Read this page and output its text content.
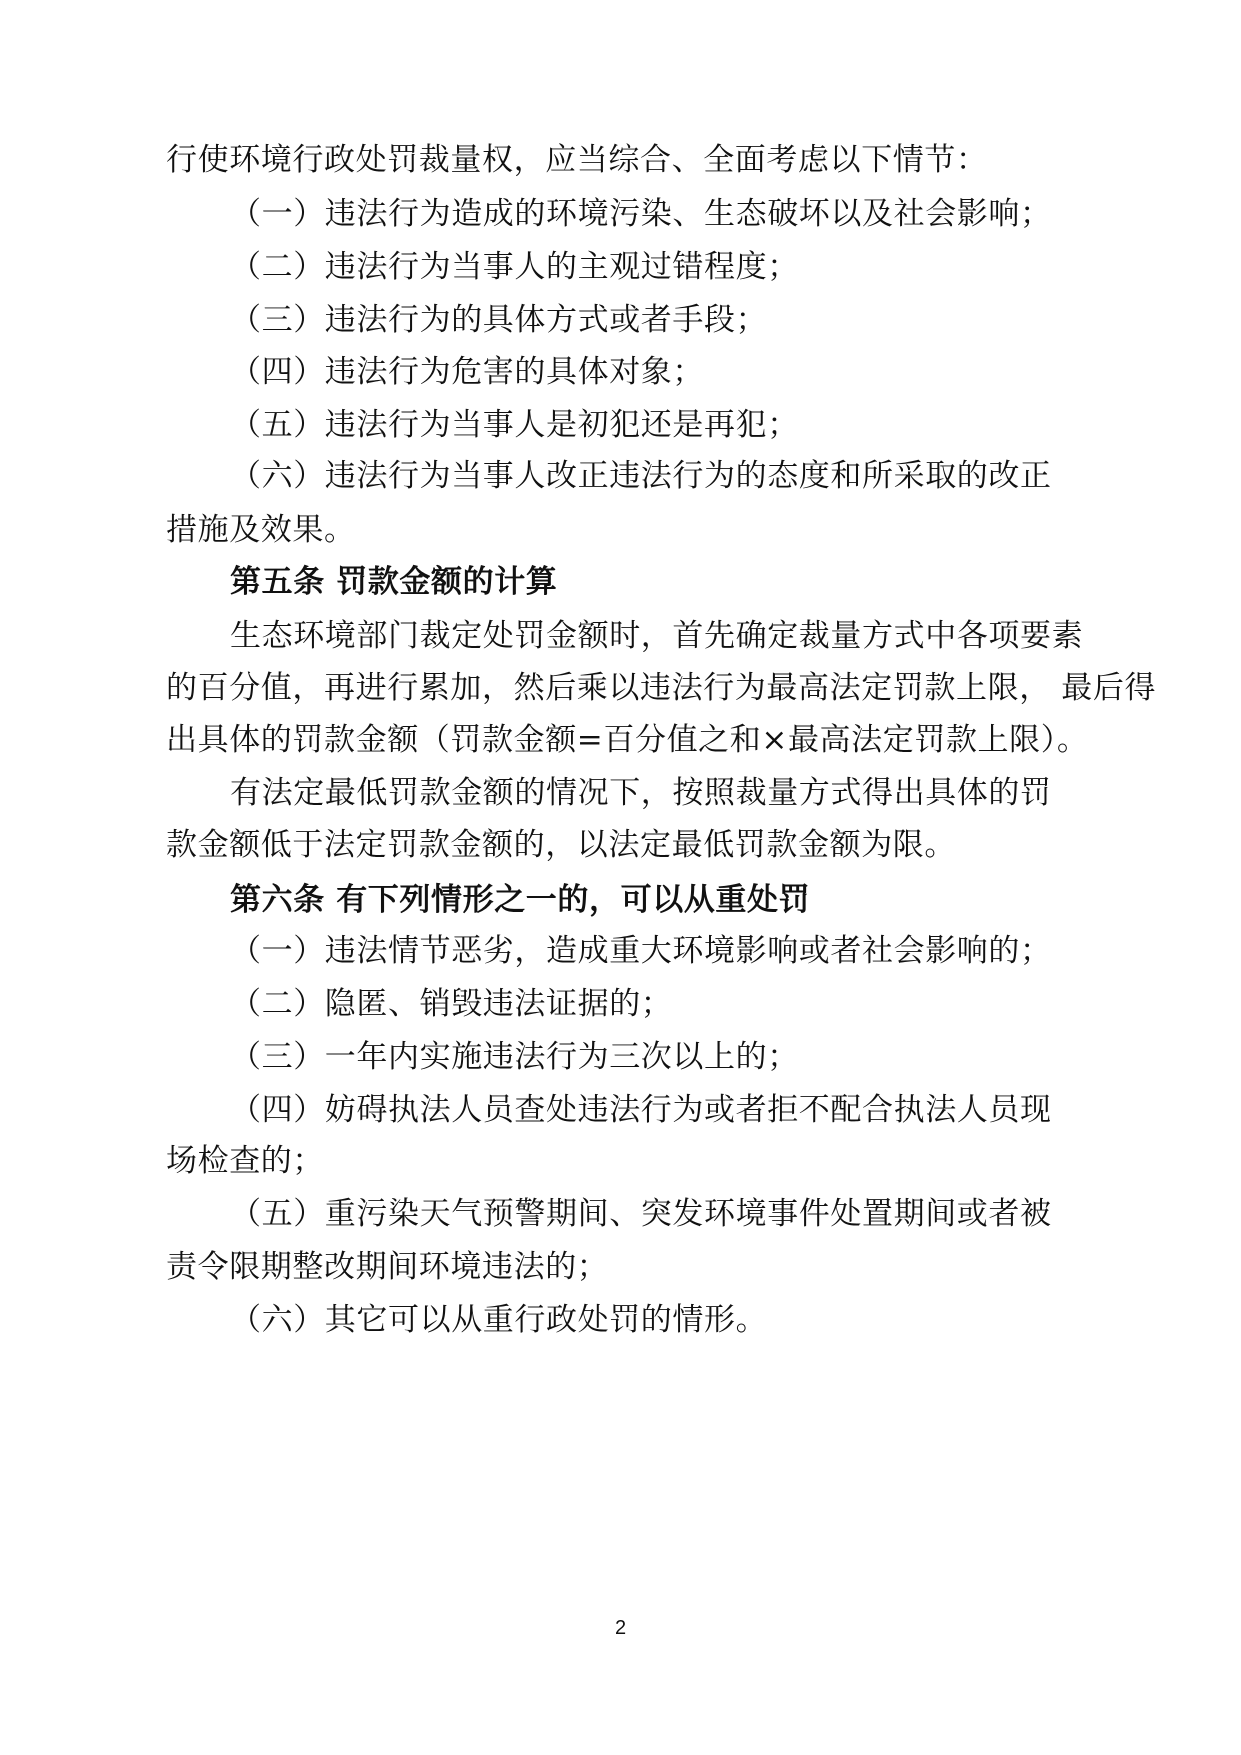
行使环境行政处罚裁量权，应当综合、全面考虑以下情节：
（一）违法行为造成的环境污染、生态破坏以及社会影响；
（二）违法行为当事人的主观过错程度；
（三）违法行为的具体方式或者手段；
（四）违法行为危害的具体对象；
（五）违法行为当事人是初犯还是再犯；
（六）违法行为当事人改正违法行为的态度和所采取的改正
措施及效果。
第五条 罚款金额的计算
生态环境部门裁定处罚金额时，首先确定裁量方式中各项要素
的百分值，再进行累加，然后乘以违法行为最高法定罚款上限， 最后得
出具体的罚款金额（罚款金额=百分值之和×最高法定罚款上限）。
有法定最低罚款金额的情况下，按照裁量方式得出具体的罚
款金额低于法定罚款金额的，以法定最低罚款金额为限。
第六条 有下列情形之一的，可以从重处罚
（一）违法情节恶劣，造成重大环境影响或者社会影响的；
（二）隐匿、销毁违法证据的；
（三）一年内实施违法行为三次以上的；
（四）妨碍执法人员查处违法行为或者拒不配合执法人员现
场检查的；
（五）重污染天气预警期间、突发环境事件处置期间或者被
责令限期整改期间环境违法的；
（六）其它可以从重行政处罚的情形。
2
